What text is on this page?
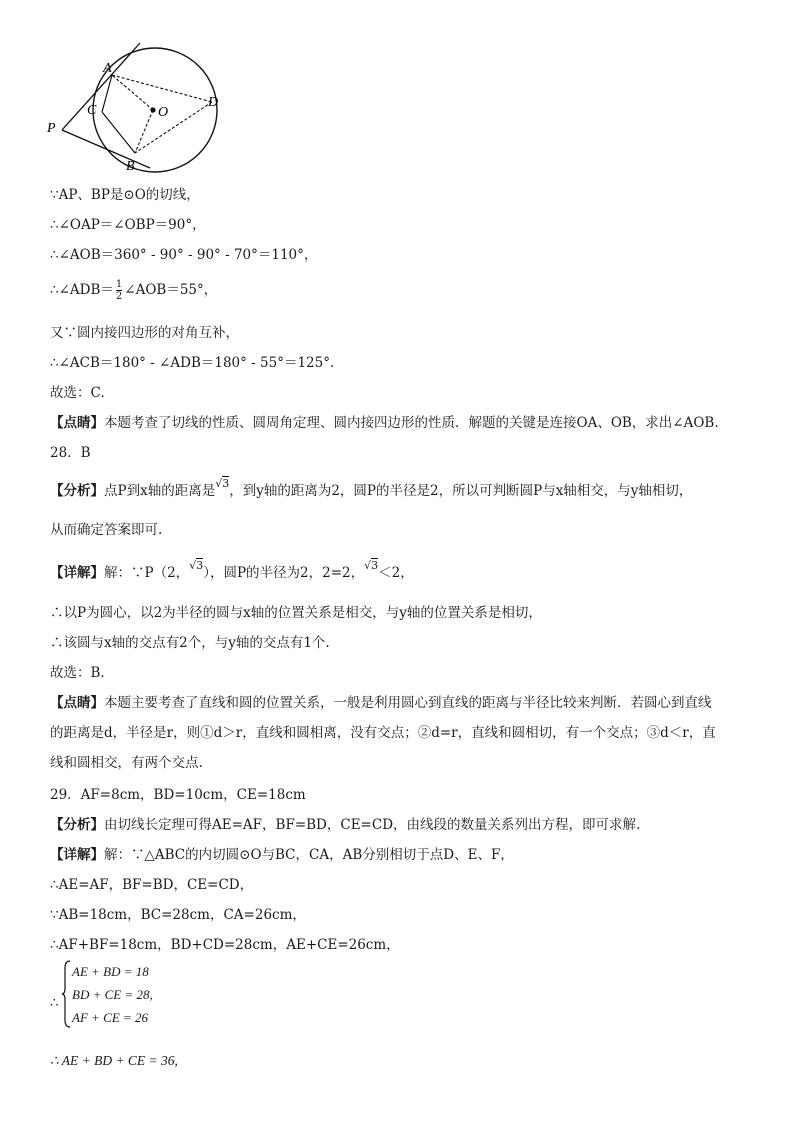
A
C	O
D
P
B
∵AP、BP是⊙O的切线，
∴∠OAP＝∠OBP＝90°，
∴∠AOB＝360° - 90° - 90° - 70°＝110°，
∴∠ADB＝ $\frac{1}{2}$ ∠AOB＝55°，
又∵圆内接四边形的对角互补，
∴∠ACB＝180° - ∠ADB＝180° - 55°＝125°.
故选：C.
【点睛】本题考查了切线的性质、圆周角定理、圆内接四边形的性质．解题的关键是连接OA、OB，求出∠AOB.
28．B
【分析】点P到x轴的距离是√3，到y轴的距离为2，圆P的半径是2，所以可判断圆P与x轴相交，与y轴相切，
从而确定答案即可.
【详解】解：∵P（2，√3），圆P的半径为2，2=2，√3＜2，
∴以P为圆心，以2为半径的圆与x轴的位置关系是相交，与y轴的位置关系是相切，
∴该圆与x轴的交点有2个，与y轴的交点有1个.
故选：B.
【点睛】本题主要考查了直线和圆的位置关系，一般是利用圆心到直线的距离与半径比较来判断．若圆心到直线
的距离是d，半径是r，则①d＞r，直线和圆相离，没有交点；②d=r，直线和圆相切，有一个交点；③d＜r，直
线和圆相交，有两个交点.
29．AF=8cm，BD=10cm，CE=18cm
【分析】由切线长定理可得AE=AF，BF=BD，CE=CD，由线段的数量关系列出方程，即可求解.
【详解】解：∵△ABC的内切圆⊙O与BC，CA，AB分别相切于点D、E、F，
∴AE=AF，BF=BD，CE=CD，
∵AB=18cm，BC=28cm，CA=26cm，
∴AF+BF=18cm，BD+CD=28cm，AE+CE=26cm，
∴
AE + BD = 18
BD + CE = 28,
AF + CE = 26
∴ AE + BD + CE = 36,
